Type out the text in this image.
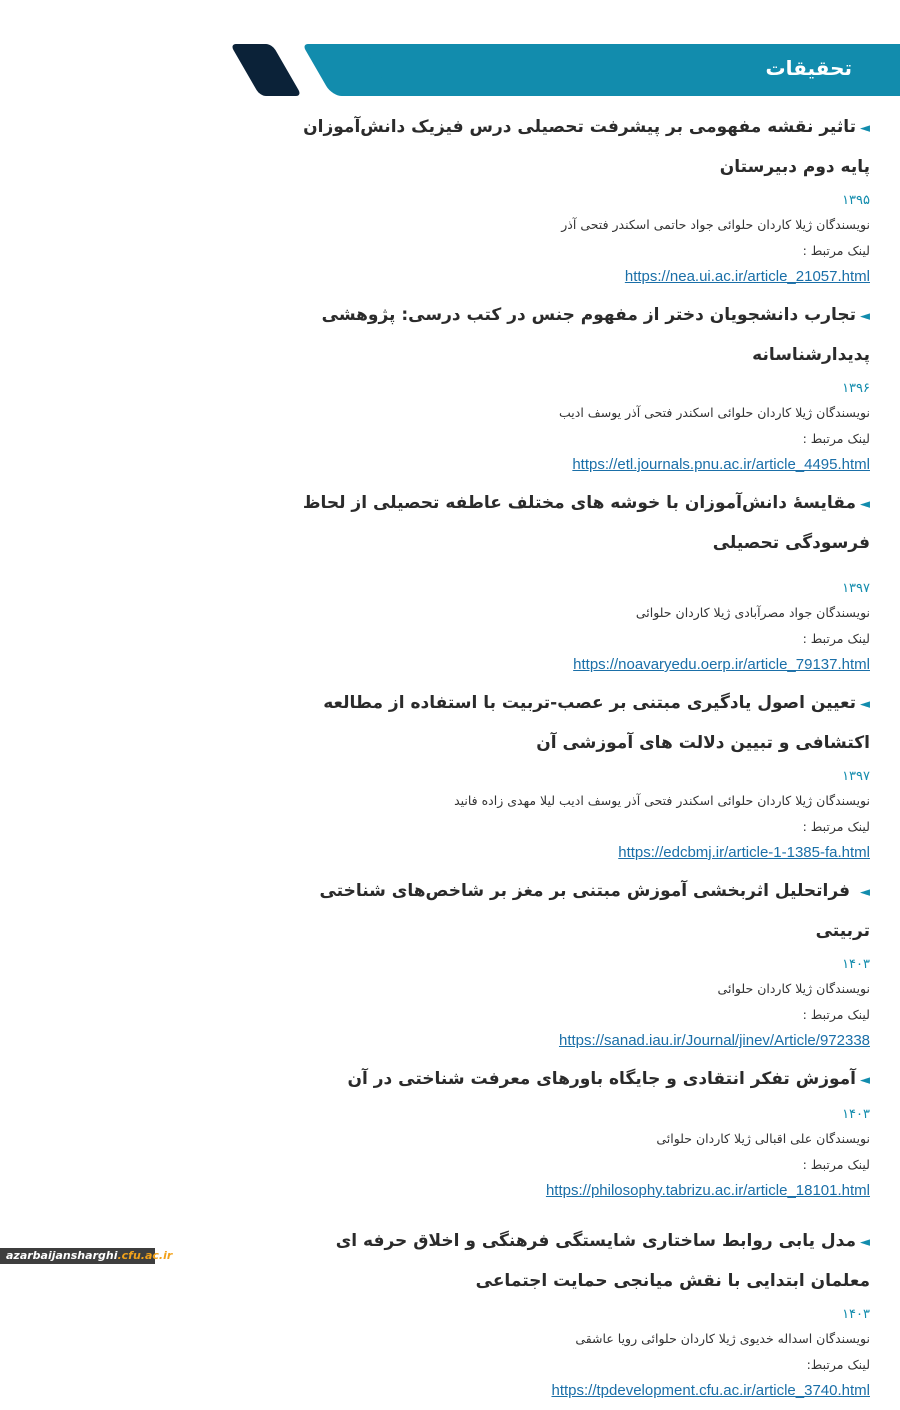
تحقیقات
◄تاثیر نقشه مفهومی بر پیشرفت تحصیلی درس فیزیک دانش‌آموزان پایه دوم دبیرستان
۱۳۹۵
نویسندگان ژیلا کاردان حلوائی جواد حاتمی اسکندر فتحی آذر
لینک مرتبط :
https://nea.ui.ac.ir/article_21057.html
◄تجارب دانشجویان دختر از مفهوم جنس در کتب درسی: پژوهشی پدیدارشناسانه
۱۳۹۶
نویسندگان ژیلا کاردان حلوائی اسکندر فتحی آذر یوسف ادیب
لینک مرتبط :
https://etl.journals.pnu.ac.ir/article_4495.html
◄مقایسهٔ دانش‌آموزان با خوشه های مختلف عاطفه تحصیلی از لحاظ فرسودگی تحصیلی
۱۳۹۷
نویسندگان جواد مصرآبادی ژیلا کاردان حلوائی
لینک مرتبط :
https://noavaryedu.oerp.ir/article_79137.html
◄تعیین اصول یادگیری مبتنی بر عصب-تربیت با استفاده از مطالعه اکتشافی و تبیین دلالت های آموزشی آن
۱۳۹۷
نویسندگان ژیلا کاردان حلوائی اسکندر فتحی آذر یوسف ادیب لیلا مهدی زاده فانید
لینک مرتبط :
https://edcbmj.ir/article-1-1385-fa.html
◄ فراتحلیل اثربخشی آموزش مبتنی بر مغز بر شاخص‌های شناختی تربیتی
۱۴۰۳
نویسندگان ژیلا کاردان حلوائی
لینک مرتبط :
https://sanad.iau.ir/Journal/jinev/Article/972338
◄آموزش تفکر انتقادی و جایگاه باورهای معرفت شناختی در آن
۱۴۰۳
نویسندگان علی اقبالی ژیلا کاردان حلوائی
لینک مرتبط :
https://philosophy.tabrizu.ac.ir/article_18101.html
◄مدل یابی روابط ساختاری شایستگی فرهنگی و اخلاق حرفه ای معلمان ابتدایی با نقش میانجی حمایت اجتماعی
۱۴۰۳
نویسندگان اسداله خدیوی ژیلا کاردان حلوائی رویا عاشقی
لینک مرتبط:
https://tpdevelopment.cfu.ac.ir/article_3740.html
azarbaijansharghi.cfu.ac.ir
